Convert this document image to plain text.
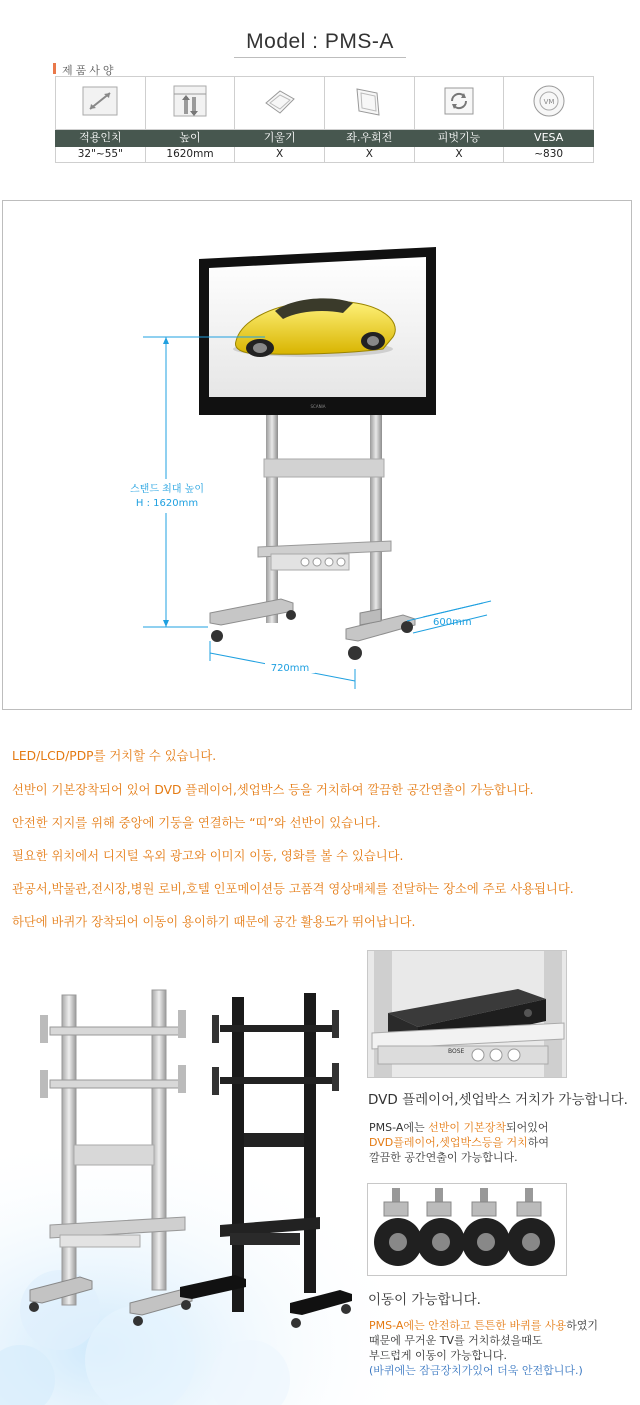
Model : PMS-A
제품사양

VM

적용인치	높이	기울기	좌.우회전	피벗기능	VESA
32"~55"	1620mm	X	X	X	~830
SCANIA
스탠드 최대 높이
H : 1620mm
600mm
720mm
LED/LCD/PDP를 거치할 수 있습니다.
선반이 기본장착되어 있어 DVD 플레이어,셋업박스 등을 거치하여 깔끔한 공간연출이 가능합니다.
안전한 지지를 위해 중앙에 기둥을 연결하는 “띠”와 선반이 있습니다.
필요한 위치에서 디지털 옥외 광고와 이미지 이동, 영화를 볼 수 있습니다.
관공서,박물관,전시장,병원 로비,호텔 인포메이션등 고품격 영상매체를 전달하는 장소에 주로 사용됩니다.
하단에 바퀴가 장착되어 이동이 용이하기 때문에 공간 활용도가 뛰어납니다.
BOSE
DVD 플레이어,셋업박스 거치가 가능합니다.
PMS-A에는 선반이 기본장착되어있어
DVD플레이어,셋업박스등을 거치하여
깔끔한 공간연출이 가능합니다.
이동이 가능합니다.
PMS-A에는 안전하고 튼튼한 바퀴를 사용하였기
때문에 무거운 TV를 거치하셨을때도
부드럽게 이동이 가능합니다.
(바퀴에는 잠금장치가있어 더욱 안전합니다.)
